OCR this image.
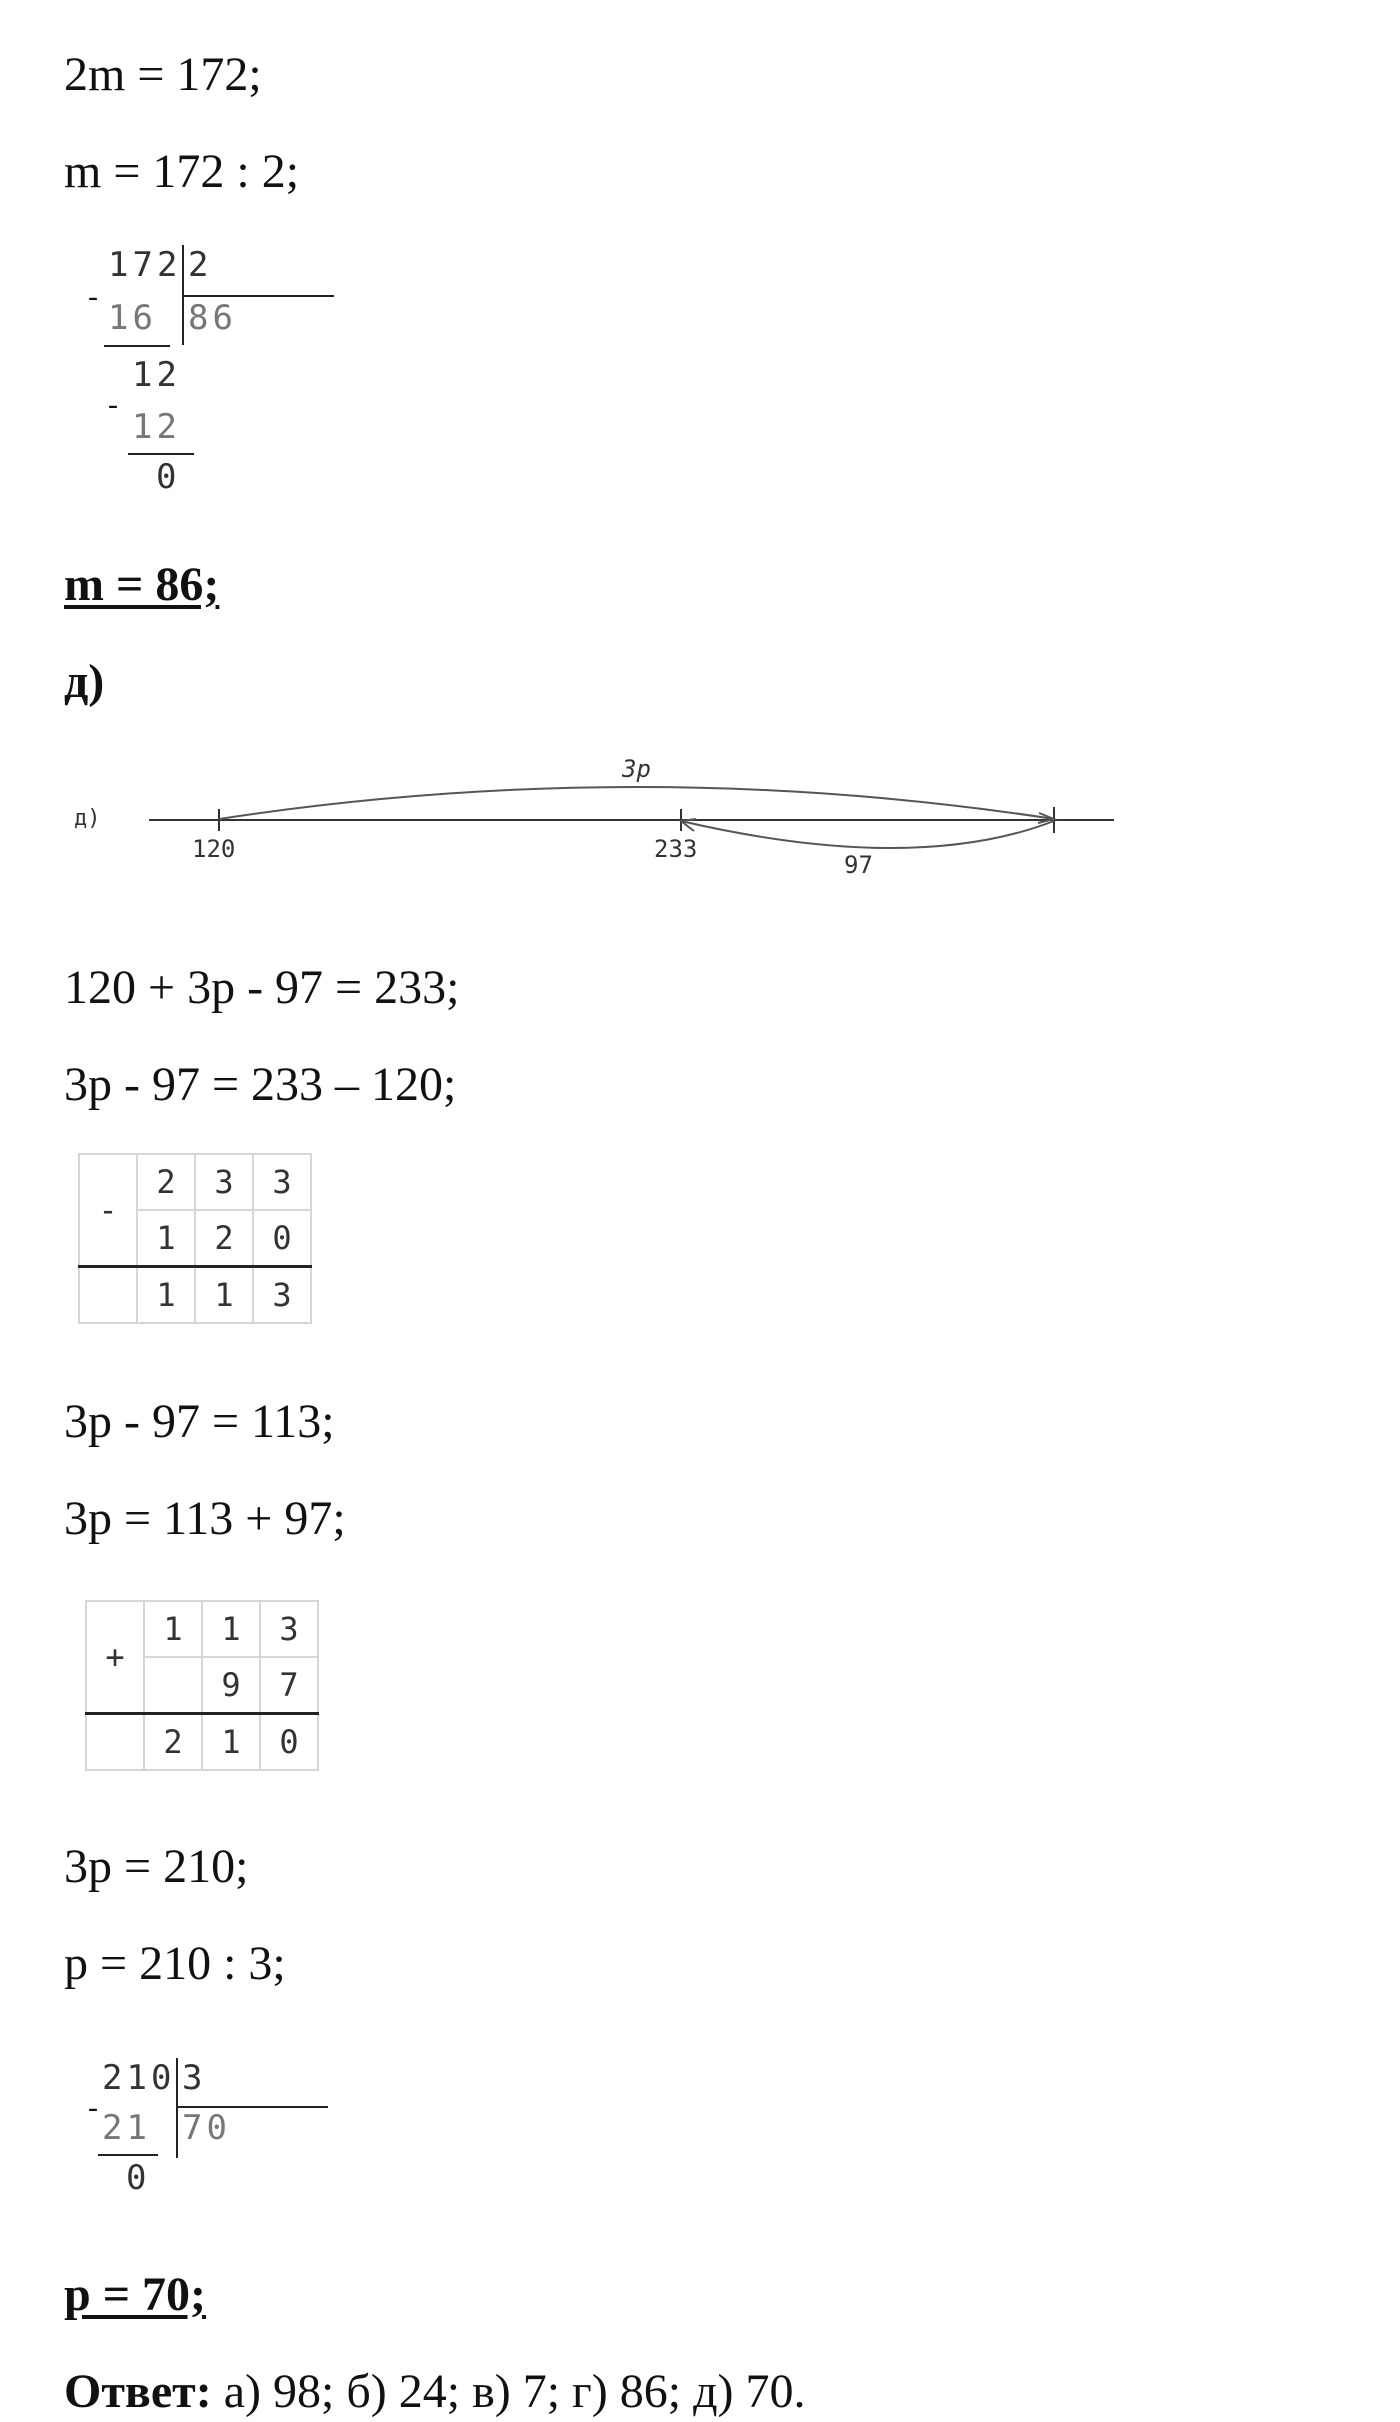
2m = 172;
m = 172 : 2;
-
172 2
16 86
-
12
12
0
m = 86;
д)
д)
3p
97
120	233
120 + 3p - 97 = 233;
3p - 97 = 233 – 120;
-	2	3	3
	1	2	0
	1	1	3
3p - 97 = 113;
3p = 113 + 97;
+	1	1	3
		9	7
	2	1	0
3p = 210;
p = 210 : 3;
-
210 3
21 70
0
p = 70;
Ответ: а) 98; б) 24; в) 7; г) 86; д) 70.
